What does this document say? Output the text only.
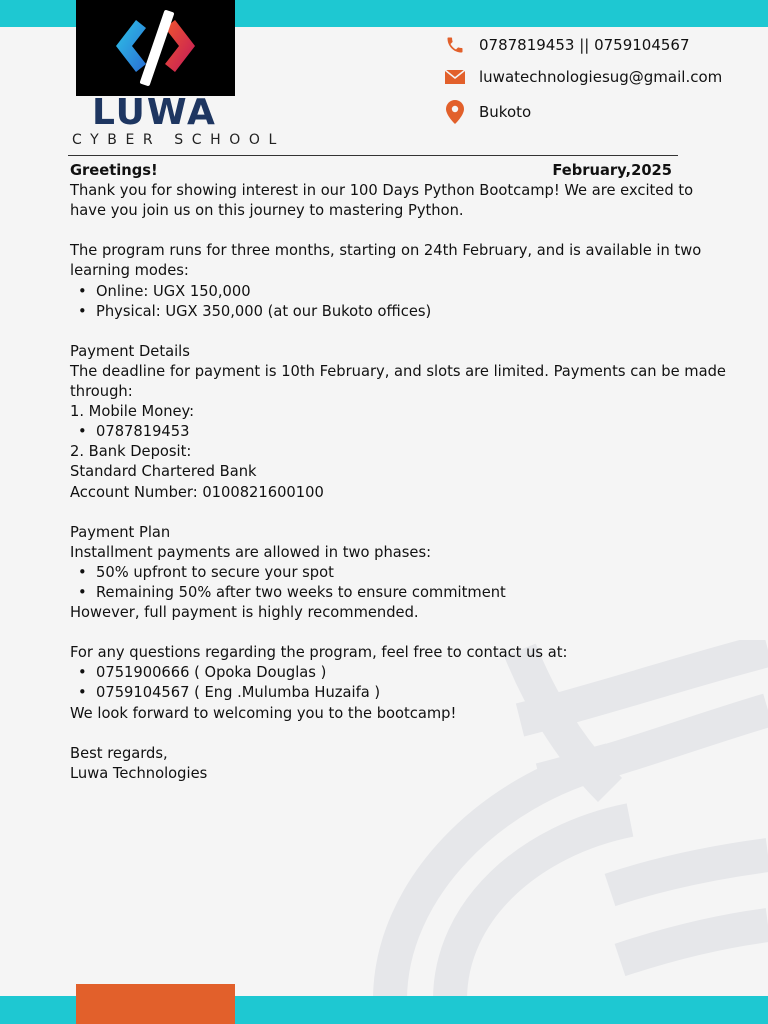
LUWA
CYBER SCHOOL
0787819453 || 0759104567
luwatechnologiesug@gmail.com
Bukoto
Greetings!	February,2025

Thank you for showing interest in our 100 Days Python Bootcamp! We are excited to have you join us on this journey to mastering Python.

The program runs for three months, starting on 24th February, and is available in two learning modes:

• Online: UGX 150,000
• Physical: UGX 350,000 (at our Bukoto offices)

Payment Details

The deadline for payment is 10th February, and slots are limited. Payments can be made through:

1. Mobile Money:

• 0787819453

2. Bank Deposit:

Standard Chartered Bank

Account Number: 0100821600100

Payment Plan

Installment payments are allowed in two phases:

• 50% upfront to secure your spot
• Remaining 50% after two weeks to ensure commitment

However, full payment is highly recommended.

For any questions regarding the program, feel free to contact us at:

• 0751900666 ( Opoka Douglas )
• 0759104567 ( Eng .Mulumba Huzaifa )

We look forward to welcoming you to the bootcamp!

Best regards,

Luwa Technologies
